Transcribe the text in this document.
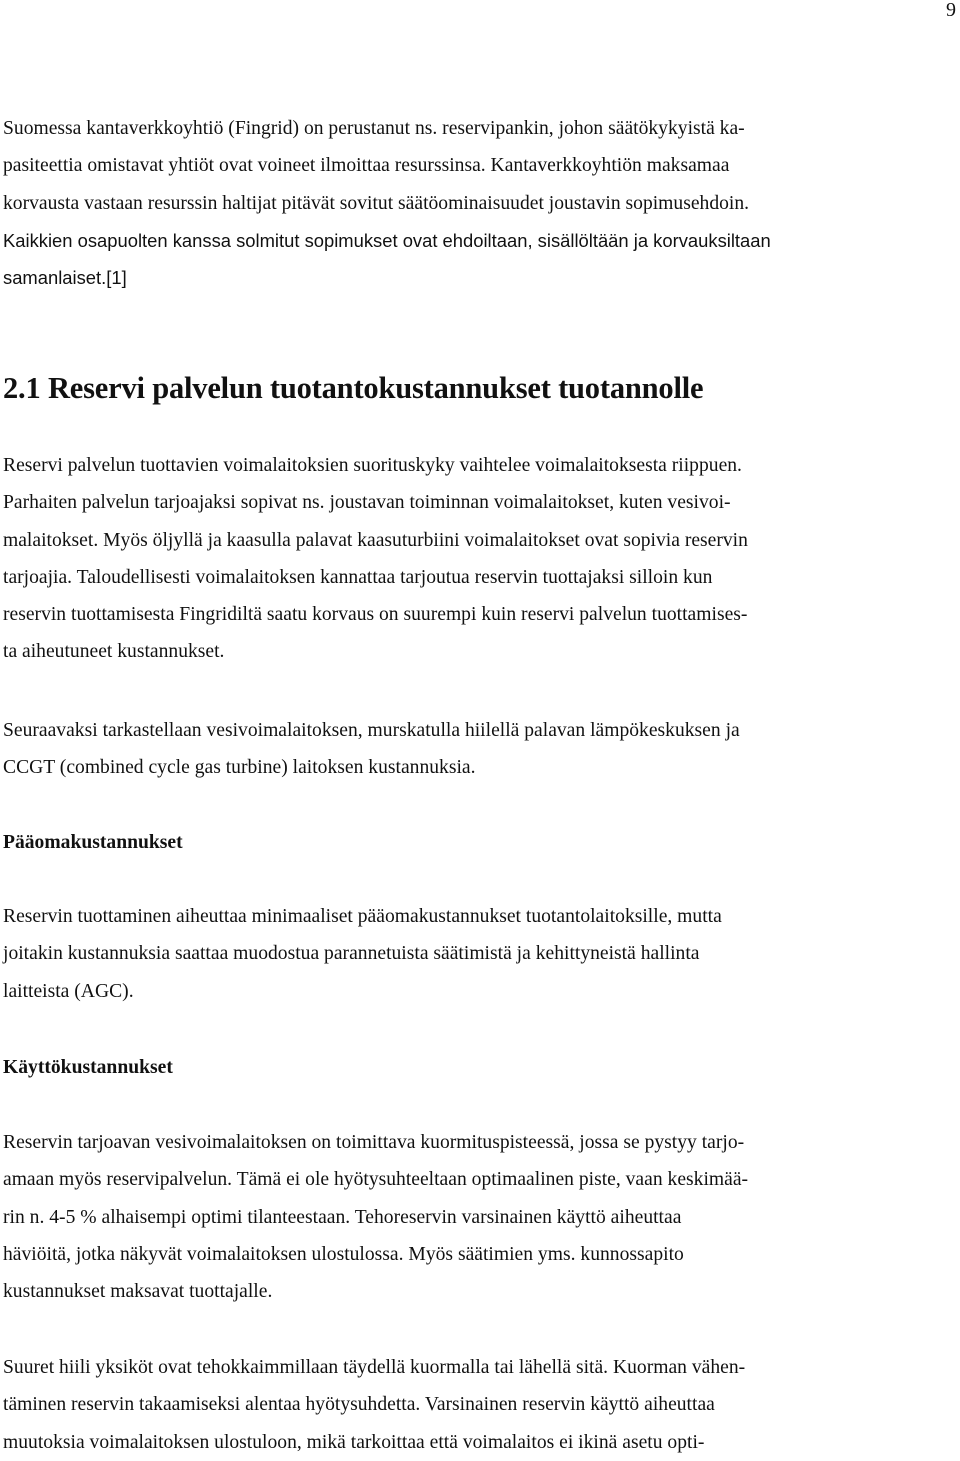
9

Suomessa kantaverkkoyhtiö (Fingrid) on perustanut ns. reservipankin, johon säätökykyistä ka-
pasiteettia omistavat yhtiöt ovat voineet ilmoittaa resurssinsa. Kantaverkkoyhtiön maksamaa
korvausta vastaan resurssin haltijat pitävät sovitut säätöominaisuudet joustavin sopimusehdoin.
Kaikkien osapuolten kanssa solmitut sopimukset ovat ehdoiltaan, sisällöltään ja korvauksiltaan
samanlaiset.[1]

2.1 Reservi palvelun tuotantokustannukset tuotannolle

Reservi palvelun tuottavien voimalaitoksien suorituskyky vaihtelee voimalaitoksesta riippuen.
Parhaiten palvelun tarjoajaksi sopivat ns. joustavan toiminnan voimalaitokset, kuten vesivoi-
malaitokset. Myös öljyllä ja kaasulla palavat kaasuturbiini voimalaitokset ovat sopivia reservin
tarjoajia. Taloudellisesti voimalaitoksen kannattaa tarjoutua reservin tuottajaksi silloin kun
reservin tuottamisesta Fingridiltä saatu korvaus on suurempi kuin reservi palvelun tuottamises-
ta aiheutuneet kustannukset.

Seuraavaksi tarkastellaan vesivoimalaitoksen, murskatulla hiilellä palavan lämpökeskuksen ja
CCGT (combined cycle gas turbine) laitoksen kustannuksia.

Pääomakustannukset

Reservin tuottaminen aiheuttaa minimaaliset pääomakustannukset tuotantolaitoksille, mutta
joitakin kustannuksia saattaa muodostua parannetuista säätimistä ja kehittyneistä hallinta
laitteista (AGC).

Käyttökustannukset

Reservin tarjoavan vesivoimalaitoksen on toimittava kuormituspisteessä, jossa se pystyy tarjo-
amaan myös reservipalvelun. Tämä ei ole hyötysuhteeltaan optimaalinen piste, vaan keskimää-
rin n. 4-5 % alhaisempi optimi tilanteestaan. Tehoreservin varsinainen käyttö aiheuttaa
häviöitä, jotka näkyvät voimalaitoksen ulostulossa. Myös säätimien yms. kunnossapito
kustannukset maksavat tuottajalle.

Suuret hiili yksiköt ovat tehokkaimmillaan täydellä kuormalla tai lähellä sitä. Kuorman vähen-
täminen reservin takaamiseksi alentaa hyötysuhdetta. Varsinainen reservin käyttö aiheuttaa
muutoksia voimalaitoksen ulostuloon, mikä tarkoittaa että voimalaitos ei ikinä asetu opti-
